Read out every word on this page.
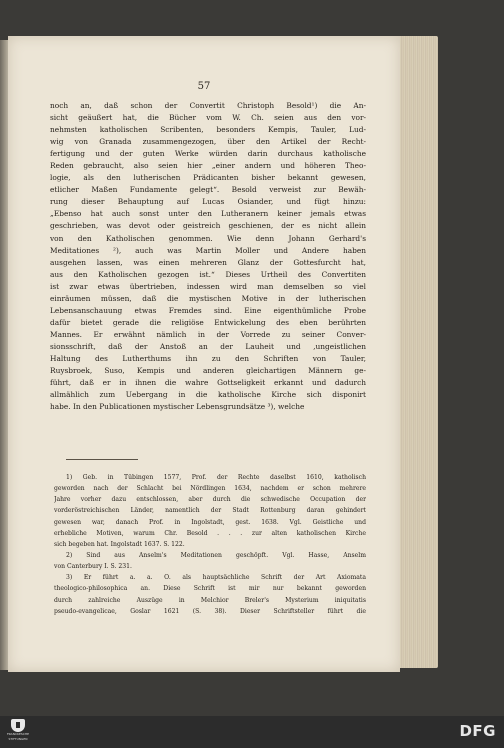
57
noch an, daß schon der Convertit Christoph Besold¹) die An-
sicht geäußert hat, die Bücher vom W. Ch. seien aus den vor-
nehmsten katholischen Scribenten, besonders Kempis, Tauler, Lud-
wig von Granada zusammengezogen, über den Artikel der Recht-
fertigung und der guten Werke würden darin durchaus katholische
Reden gebraucht, also seien hier „einer andern und höheren Theo-
logie, als den lutherischen Prädicanten bisher bekannt gewesen,
etlicher Maßen Fundamente gelegt“. Besold verweist zur Bewäh-
rung dieser Behauptung auf Lucas Osiander, und fügt hinzu:
„Ebenso hat auch sonst unter den Lutheranern keiner jemals etwas
geschrieben, was devot oder geistreich geschienen, der es nicht allein
von den Katholischen genommen. Wie denn Johann Gerhard's
Meditationes ²), auch was Martin Moller und Andere haben
ausgehen lassen, was einen mehreren Glanz der Gottesfurcht hat,
aus den Katholischen gezogen ist.“ Dieses Urtheil des Convertiten
ist zwar etwas übertrieben, indessen wird man demselben so viel
einräumen müssen, daß die mystischen Motive in der lutherischen
Lebensanschauung etwas Fremdes sind. Eine eigenthümliche Probe
dafür bietet gerade die religiöse Entwickelung des eben berührten
Mannes. Er erwähnt nämlich in der Vorrede zu seiner Conver-
sionsschrift, daß der Anstoß an der Lauheit und ‚ungeistlichen
Haltung des Lutherthums ihn zu den Schriften von Tauler,
Ruysbroek, Suso, Kempis und anderen gleichartigen Männern ge-
führt, daß er in ihnen die wahre Gottseligkeit erkannt und dadurch
allmählich zum Uebergang in die katholische Kirche sich disponirt
habe. In den Publicationen mystischer Lebensgrundsätze ³), welche
1) Geb. in Tübingen 1577, Prof. der Rechte daselbst 1610, katholisch
geworden nach der Schlacht bei Nördlingen 1634, nachdem er schon mehrere
Jahre vorher dazu entschlossen, aber durch die schwedische Occupation der
vorderöstreichischen Länder, namentlich der Stadt Rottenburg daran gehindert
gewesen war, danach Prof. in Ingolstadt, gest. 1638. Vgl. Geistliche und
erhebliche Motiven, warum Chr. Besold . . . zur alten katholischen Kirche
sich begeben hat. Ingolstadt 1637. S. 122.
2) Sind aus Anselm's Meditationen geschöpft. Vgl. Hasse, Anselm
von Canterbury I. S. 231.
3) Er führt a. a. O. als hauptsächliche Schrift der Art Axiomata
theologico-philosophica an. Diese Schrift ist mir nur bekannt geworden
durch zahlreiche Auszüge in Melchior Breler's Mysterium iniquitatis
pseudo-evangelicae, Goslar 1621 (S. 38). Dieser Schriftsteller führt die
FRANCKESCHE
STIFTUNGEN	DFG
